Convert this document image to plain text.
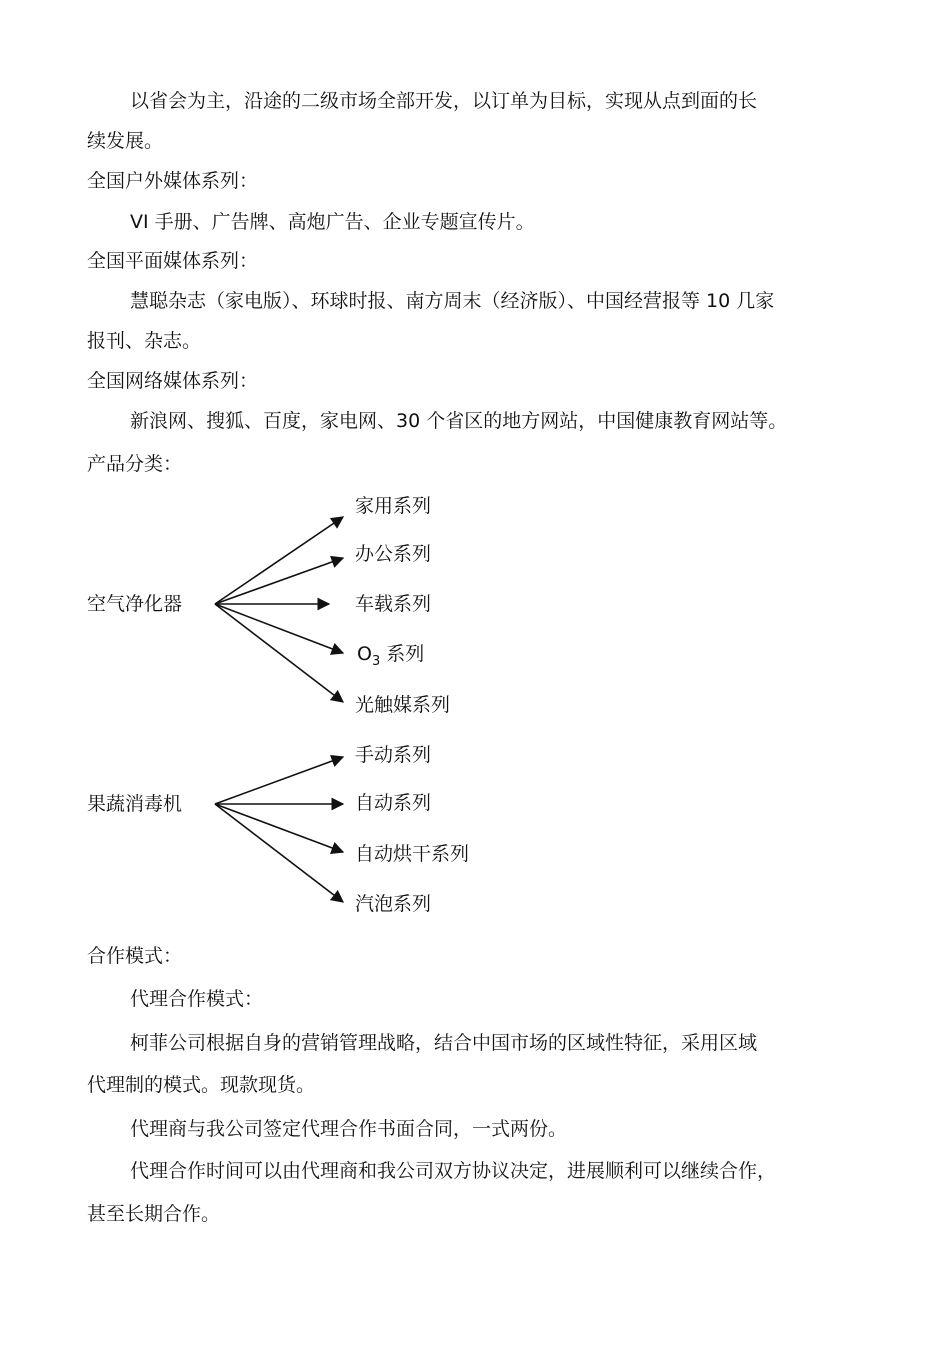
以省会为主，沿途的二级市场全部开发，以订单为目标，实现从点到面的长
续发展。
全国户外媒体系列：
VI 手册、广告牌、高炮广告、企业专题宣传片。
全国平面媒体系列：
慧聪杂志（家电版）、环球时报、南方周末（经济版）、中国经营报等 10 几家
报刊、杂志。
全国网络媒体系列：
新浪网、搜狐、百度，家电网、30 个省区的地方网站，中国健康教育网站等。
产品分类：
空气净化器
家用系列
办公系列
车载系列
$O_3$ 系列
光触媒系列
果蔬消毒机
手动系列
自动系列
自动烘干系列
汽泡系列
合作模式：
代理合作模式：
柯菲公司根据自身的营销管理战略，结合中国市场的区域性特征，采用区域
代理制的模式。现款现货。
代理商与我公司签定代理合作书面合同，一式两份。
代理合作时间可以由代理商和我公司双方协议决定，进展顺利可以继续合作，
甚至长期合作。
